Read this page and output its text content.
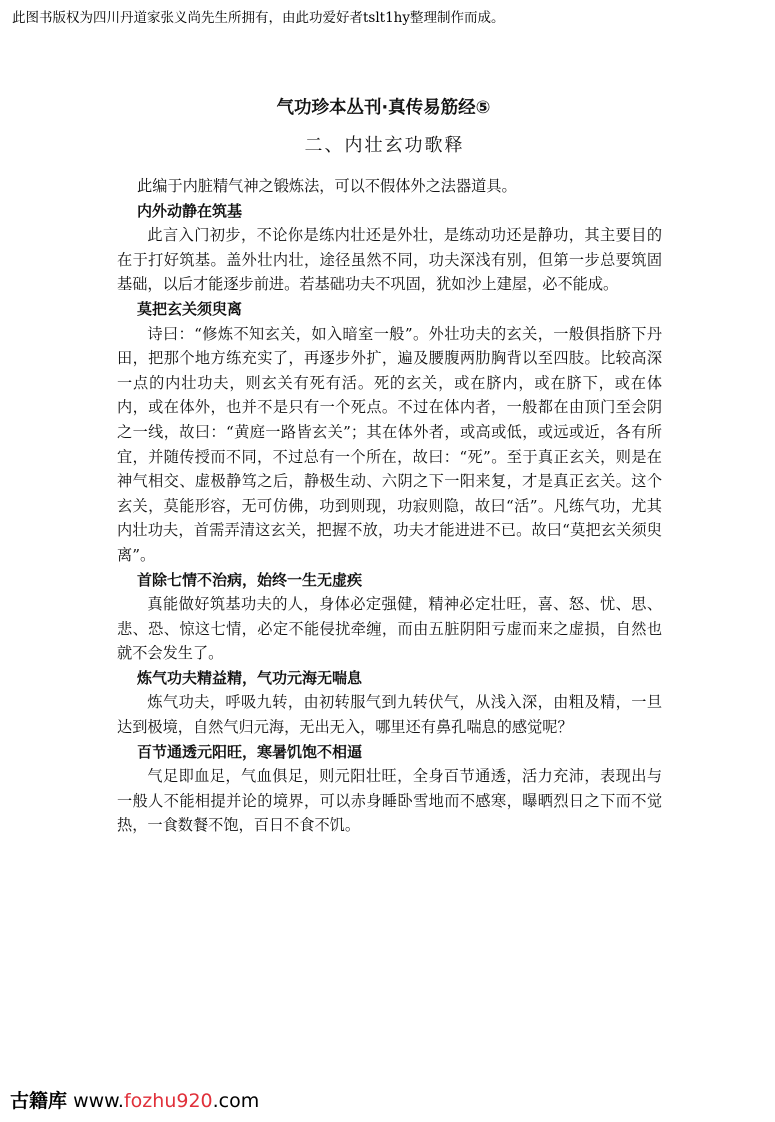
此图书版权为四川丹道家张义尚先生所拥有，由此功爱好者tslt1hy整理制作而成。
气功珍本丛刊·真传易筋经⑤
二、内壮玄功歌释

此编于内脏精气神之锻炼法，可以不假体外之法器道具。

内外动静在筑基

此言入门初步，不论你是练内壮还是外壮，是练动功还是静功，其主要目的在于打好筑基。盖外壮内壮，途径虽然不同，功夫深浅有别，但第一步总要筑固基础，以后才能逐步前进。若基础功夫不巩固，犹如沙上建屋，必不能成。

莫把玄关须臾离

诗曰：“修炼不知玄关，如入暗室一般”。外壮功夫的玄关，一般俱指脐下丹田，把那个地方练充实了，再逐步外扩，遍及腰腹两肋胸背以至四肢。比较高深一点的内壮功夫，则玄关有死有活。死的玄关，或在脐内，或在脐下，或在体内，或在体外，也并不是只有一个死点。不过在体内者，一般都在由顶门至会阴之一线，故曰：“黄庭一路皆玄关”；其在体外者，或高或低，或远或近，各有所宜，并随传授而不同，不过总有一个所在，故曰：“死”。至于真正玄关，则是在神气相交、虚极静笃之后，静极生动、六阴之下一阳来复，才是真正玄关。这个玄关，莫能形容，无可仿佛，功到则现，功寂则隐，故曰“活”。凡练气功，尤其内壮功夫，首需弄清这玄关，把握不放，功夫才能进进不已。故曰“莫把玄关须臾离”。

首除七情不治病，始终一生无虚疾

真能做好筑基功夫的人，身体必定强健，精神必定壮旺，喜、怒、忧、思、悲、恐、惊这七情，必定不能侵扰牵缠，而由五脏阴阳亏虚而来之虚损，自然也就不会发生了。

炼气功夫精益精，气功元海无喘息

炼气功夫，呼吸九转，由初转服气到九转伏气，从浅入深，由粗及精，一旦达到极境，自然气归元海，无出无入，哪里还有鼻孔喘息的感觉呢？

百节通透元阳旺，寒暑饥饱不相逼

气足即血足，气血俱足，则元阳壮旺，全身百节通透，活力充沛，表现出与一般人不能相提并论的境界，可以赤身睡卧雪地而不感寒，曝晒烈日之下而不觉热，一食数餐不饱，百日不食不饥。

古籍库 www.fozhu920.com
